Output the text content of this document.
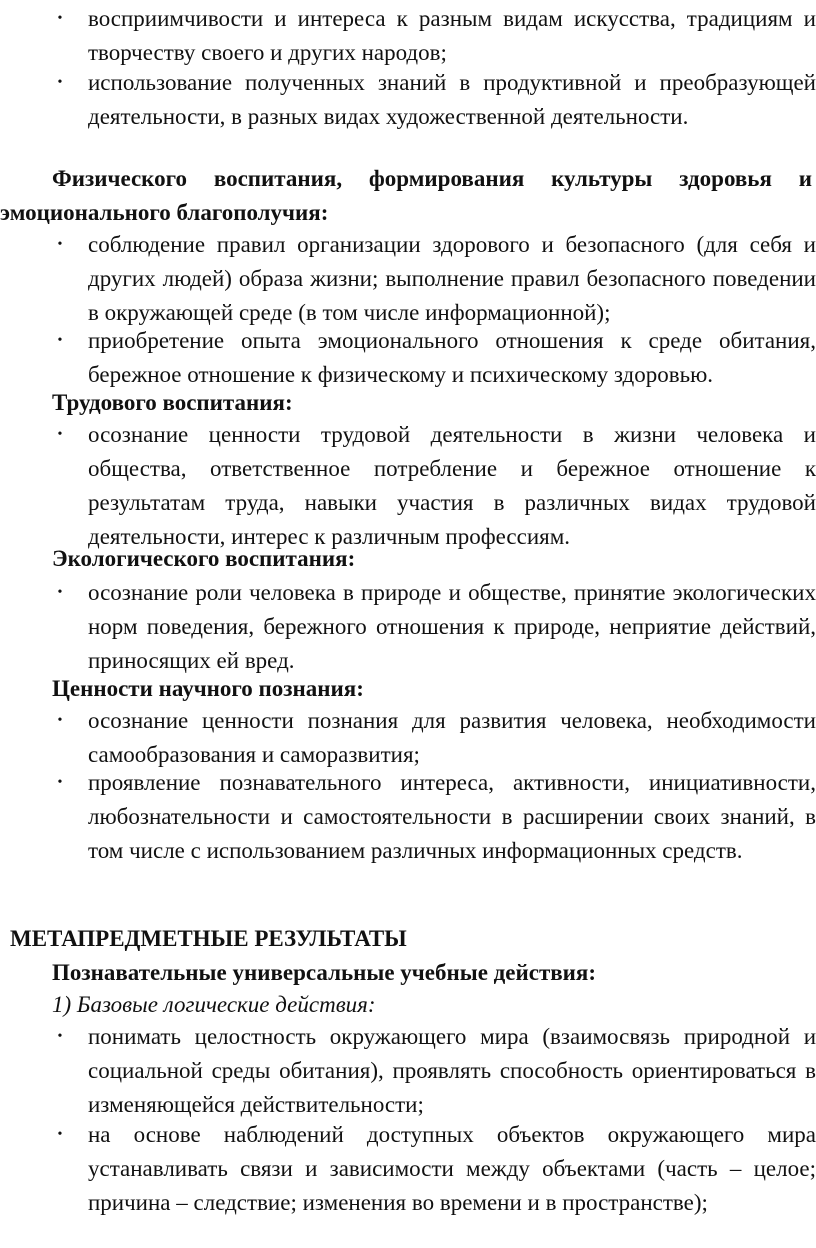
• восприимчивости и интереса к разным видам искусства, традициям и творчеству своего и других народов;
• использование полученных знаний в продуктивной и преобразующей деятельности, в разных видах художественной деятельности.
Физического воспитания, формирования культуры здоровья и эмоционального благополучия:
• соблюдение правил организации здорового и безопасного (для себя и других людей) образа жизни; выполнение правил безопасного поведении в окружающей среде (в том числе информационной);
• приобретение опыта эмоционального отношения к среде обитания, бережное отношение к физическому и психическому здоровью.
Трудового воспитания:
• осознание ценности трудовой деятельности в жизни человека и общества, ответственное потребление и бережное отношение к результатам труда, навыки участия в различных видах трудовой деятельности, интерес к различным профессиям.
Экологического воспитания:
• осознание роли человека в природе и обществе, принятие экологических норм поведения, бережного отношения к природе, неприятие действий, приносящих ей вред.
Ценности научного познания:
• осознание ценности познания для развития человека, необходимости самообразования и саморазвития;
• проявление познавательного интереса, активности, инициативности, любознательности и самостоятельности в расширении своих знаний, в том числе с использованием различных информационных средств.
МЕТАПРЕДМЕТНЫЕ РЕЗУЛЬТАТЫ
Познавательные универсальные учебные действия:
1) Базовые логические действия:
• понимать целостность окружающего мира (взаимосвязь природной и социальной среды обитания), проявлять способность ориентироваться в изменяющейся действительности;
• на основе наблюдений доступных объектов окружающего мира устанавливать связи и зависимости между объектами (часть – целое; причина – следствие; изменения во времени и в пространстве);
